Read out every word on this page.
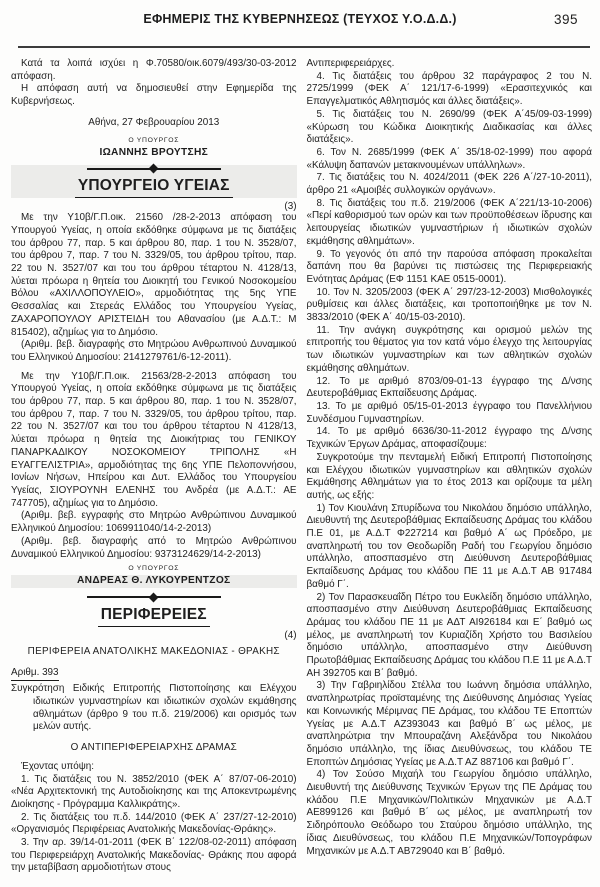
ΕΦΗΜΕΡΙΣ ΤΗΣ ΚΥΒΕΡΝΗΣΕΩΣ (ΤΕΥΧΟΣ Υ.Ο.Δ.Δ.)	395

Κατά τα λοιπά ισχύει η Φ.70580/οικ.6079/493/30-03-2012 απόφαση.

Η απόφαση αυτή να δημοσιευθεί στην Εφημερίδα της Κυβερνήσεως.

Αθήνα, 27 Φεβρουαρίου 2013

Ο ΥΠΟΥΡΓΟΣ

ΙΩΑΝΝΗΣ ΒΡΟΥΤΣΗΣ

ΥΠΟΥΡΓΕΙΟ ΥΓΕΙΑΣ

(3)

Με την Υ10β/Γ.Π.οικ. 21560 /28-2-2013 απόφαση του Υπουργού Υγείας, η οποία εκδόθηκε σύμφωνα με τις διατάξεις του άρθρου 77, παρ. 5 και άρθρου 80, παρ. 1 του Ν. 3528/07, του άρθρου 7, παρ. 7 του Ν. 3329/05, του άρθρου τρίτου, παρ. 22 του Ν. 3527/07 και του του άρθρου τέταρτου Ν. 4128/13, λύεται πρόωρα η θητεία του Διοικητή του Γενικού Νοσοκομείου Βόλου «ΑΧΙΛΛΟΠΟΥΛΕΙΟ», αρμοδιότητας της 5ης ΥΠΕ Θεσσαλίας και Στερεάς Ελλάδος του Υπουργείου Υγείας, ΖΑΧΑΡΟΠΟΥΛΟΥ ΑΡΙΣΤΕΙΔΗ του Αθανασίου (με Α.Δ.Τ.: Μ 815402), αζημίως για το Δημόσιο.

(Αριθμ. βεβ. διαγραφής στο Μητρώου Ανθρωπινού Δυναμικού του Ελληνικού Δημοσίου: 2141279761/6-12-2011).

Με την Υ10β/Γ.Π.οικ. 21563/28-2-2013 απόφαση του Υπουργού Υγείας, η οποία εκδόθηκε σύμφωνα με τις διατάξεις του άρθρου 77, παρ. 5 και άρθρου 80, παρ. 1 του Ν. 3528/07, του άρθρου 7, παρ. 7 του Ν. 3329/05, του άρθρου τρίτου, παρ. 22 του Ν. 3527/07 και του του άρθρου τέταρτου Ν 4128/13, λύεται πρόωρα η θητεία της Διοικήτριας του ΓΕΝΙΚΟΥ ΠΑΝΑΡΚΑΔΙΚΟΥ ΝΟΣΟΚΟΜΕΙΟΥ ΤΡΙΠΟΛΗΣ «Η ΕΥΑΓΓΕΛΙΣΤΡΙΑ», αρμοδιότητας της 6ης ΥΠΕ Πελοποννήσου, Ιονίων Νήσων, Ηπείρου και Δυτ. Ελλάδος του Υπουργείου Υγείας, ΣΙΟΥΡΟΥΝΗ ΕΛΕΝΗΣ του Ανδρέα (με Α.Δ.Τ.: ΑΕ 747705), αζημίως για το Δημόσιο.

(Αριθμ. βεβ. εγγραφής στο Μητρώο Ανθρώπινου Δυναμικού Ελληνικού Δημοσίου: 1069911040/14-2-2013)

(Αριθμ. βεβ. διαγραφής από το Μητρώο Ανθρώπινου Δυναμικού Ελληνικού Δημοσίου: 9373124629/14-2-2013)

Ο ΥΠΟΥΡΓΟΣ

ΑΝΔΡΕΑΣ Θ. ΛΥΚΟΥΡΕΝΤΖΟΣ

ΠΕΡΙΦΕΡΕΙΕΣ

(4)

ΠΕΡΙΦΕΡΕΙΑ ΑΝΑΤΟΛΙΚΗΣ ΜΑΚΕΔΟΝΙΑΣ - ΘΡΑΚΗΣ

Αριθμ. 393

Συγκρότηση Ειδικής Επιτροπής Πιστοποίησης και Ελέγχου ιδιωτικών γυμναστηρίων και ιδιωτικών σχολών εκμάθησης αθλημάτων (άρθρο 9 του π.δ. 219/2006) και ορισμός των μελών αυτής.

Ο ΑΝΤΙΠΕΡΙΦΕΡΕΙΑΡΧΗΣ ΔΡΑΜΑΣ

Έχοντας υπόψη:

1. Τις διατάξεις του Ν. 3852/2010 (ΦΕΚ Α΄ 87/07-06-2010) «Νέα Αρχιτεκτονική της Αυτοδιοίκησης και της Αποκεντρωμένης Διοίκησης - Πρόγραμμα Καλλικράτης».

2. Τις διατάξεις του π.δ. 144/2010 (ΦΕΚ Α΄ 237/27-12-2010) «Οργανισμός Περιφέρειας Ανατολικής Μακεδονίας-Θράκης».

3. Την αρ. 39/14-01-2011 (ΦΕΚ Β΄ 122/08-02-2011) απόφαση του Περιφερειάρχη Ανατολικής Μακεδονίας- Θράκης που αφορά την μεταβίβαση αρμοδιοτήτων στους

Αντιπεριφερειάρχες.

4. Τις διατάξεις του άρθρου 32 παράγραφος 2 του Ν. 2725/1999 (ΦΕΚ Α΄ 121/17-6-1999) «Ερασιτεχνικός και Επαγγελματικός Αθλητισμός και άλλες διατάξεις».

5. Τις διατάξεις του Ν. 2690/99 (ΦΕΚ Α΄45/09-03-1999) «Κύρωση του Κώδικα Διοικητικής Διαδικασίας και άλλες διατάξεις».

6. Τον Ν. 2685/1999 (ΦΕΚ Α΄ 35/18-02-1999) που αφορά «Κάλυψη δαπανών μετακινουμένων υπάλληλων».

7. Τις διατάξεις του Ν. 4024/2011 (ΦΕΚ 226 Α΄/27-10-2011), άρθρο 21 «Αμοιβές συλλογικών οργάνων».

8. Τις διατάξεις του π.δ. 219/2006 (ΦΕΚ Α΄221/13-10-2006) «Περί καθορισμού των ορών και των προϋποθέσεων ίδρυσης και λειτουργείας ιδιωτικών γυμναστήριων ή ιδιωτικών σχολών εκμάθησης αθλημάτων».

9. Το γεγονός ότι από την παρούσα απόφαση προκαλείται δαπάνη που θα βαρύνει τις πιστώσεις της Περιφερειακής Ενότητας Δράμας (ΕΦ 1151 ΚΑΕ 0515-0001).

10. Τον Ν. 3205/2003 (ΦΕΚ Α΄ 297/23-12-2003) Μισθολογικές ρυθμίσεις και άλλες διατάξεις, και τροποποιήθηκε με τον Ν. 3833/2010 (ΦΕΚ Α΄ 40/15-03-2010).

11. Την ανάγκη συγκρότησης και ορισμού μελών της επιτροπής του θέματος για τον κατά νόμο έλεγχο της λειτουργίας των ιδιωτικών γυμναστηρίων και των αθλητικών σχολών εκμάθησης αθλημάτων.

12. Το με αριθμό 8703/09-01-13 έγγραφο της Δ/νσης Δευτεροβάθμιας Εκπαίδευσης Δράμας.

13. Το με αριθμό 05/15-01-2013 έγγραφο του Πανελλήνιου Συνδέσμου Γυμναστηρίων.

14. Το με αριθμό 6636/30-11-2012 έγγραφο της Δ/νσης Τεχνικών Έργων Δράμας, αποφασίζουμε:

Συγκροτούμε την πενταμελή Ειδική Επιτροπή Πιστοποίησης και Ελέγχου ιδιωτικών γυμναστηρίων και αθλητικών σχολών Εκμάθησης Αθλημάτων για το έτος 2013 και ορίζουμε τα μέλη αυτής, ως εξής:

1) Τον Κιουλάνη Σπυρίδωνα του Νικολάου δημόσιο υπάλληλο, Διευθυντή της Δευτεροβάθμιας Εκπαίδευσης Δράμας του κλάδου Π.Ε 01, με Α.Δ.Τ Φ227214 και βαθμό Α΄ ως Πρόεδρο, με αναπληρωτή του τον Θεοδωρίδη Ραδή του Γεωργίου δημόσιο υπάλληλο, αποσπασμένο στη Διεύθυνση Δευτεροβάθμιας Εκπαίδευσης Δράμας του κλάδου ΠΕ 11 με Α.Δ.Τ ΑΒ 917484 βαθμό Γ΄.

2) Τον Παρασκευαΐδη Πέτρο του Ευκλείδη δημόσιο υπάλληλο, αποσπασμένο στην Διεύθυνση Δευτεροβάθμιας Εκπαίδευσης Δράμας του κλάδου ΠΕ 11 με ΑΔΤ ΑΙ926184 και Ε΄ βαθμό ως μέλος, με αναπληρωτή τον Κυριαζίδη Χρήστο του Βασιλείου δημόσιο υπάλληλο, αποσπασμένο στην Διεύθυνση Πρωτοβάθμιας Εκπαίδευσης Δράμας του κλάδου Π.Ε 11 με Α.Δ.Τ ΑΗ 392705 και Β΄ βαθμό.

3) Την Γαβριηλίδου Στέλλα του Ιωάννη δημόσια υπάλληλο, αναπληρωτρίας προϊσταμένης της Διεύθυνσης Δημόσιας Υγείας και Κοινωνικής Μέριμνας ΠΕ Δράμας, του κλάδου ΤΕ Εποπτών Υγείας με Α.Δ.Τ ΑΖ393043 και βαθμό Β΄ ως μέλος, με αναπληρώτρια την Μπουραζάνη Αλεξάνδρα του Νικολάου δημόσιο υπάλληλο, της ίδιας Διευθύνσεως, του κλάδου ΤΕ Εποπτών Δημόσιας Υγείας με Α.Δ.Τ ΑΖ 887106 και βαθμό Γ΄.

4) Τον Σούσο Μιχαήλ του Γεωργίου δημόσιο υπάλληλο, Διευθυντή της Διεύθυνσης Τεχνικών Έργων της ΠΕ Δράμας του κλάδου Π.Ε Μηχανικών/Πολιτικών Μηχανικών με Α.Δ.Τ ΑΕ899126 και βαθμό Β΄ ως μέλος, με αναπληρωτή τον Σιδηρόπουλο Θεόδωρο του Σταύρου δημόσιο υπάλληλο, της ίδιας Διευθύνσεως, του κλάδου Π.Ε Μηχανικών/Τοπογράφων Μηχανικών με Α.Δ.Τ ΑΒ729040 και Β΄ βαθμό.
